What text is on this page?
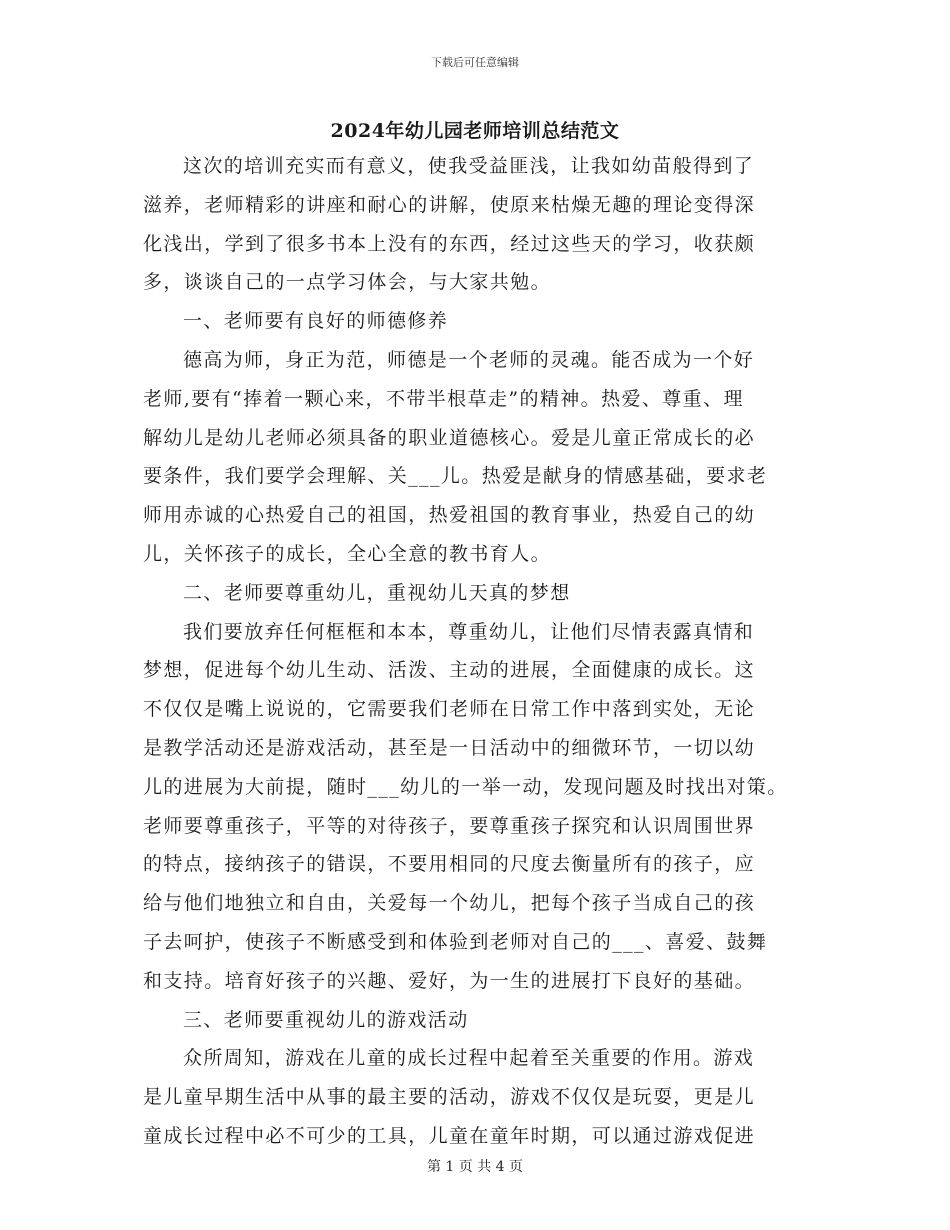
下载后可任意编辑
2024年幼儿园老师培训总结范文
这次的培训充实而有意义，使我受益匪浅，让我如幼苗般得到了
滋养，老师精彩的讲座和耐心的讲解，使原来枯燥无趣的理论变得深
化浅出，学到了很多书本上没有的东西，经过这些天的学习，收获颇
多，谈谈自己的一点学习体会，与大家共勉。
一、老师要有良好的师德修养
德高为师，身正为范，师德是一个老师的灵魂。能否成为一个好
老师,要有“捧着一颗心来，不带半根草走”的精神。热爱、尊重、理
解幼儿是幼儿老师必须具备的职业道德核心。爱是儿童正常成长的必
要条件，我们要学会理解、关___儿。热爱是献身的情感基础，要求老
师用赤诚的心热爱自己的祖国，热爱祖国的教育事业，热爱自己的幼
儿，关怀孩子的成长，全心全意的教书育人。
二、老师要尊重幼儿，重视幼儿天真的梦想
我们要放弃任何框框和本本，尊重幼儿，让他们尽情表露真情和
梦想，促进每个幼儿生动、活泼、主动的进展，全面健康的成长。这
不仅仅是嘴上说说的，它需要我们老师在日常工作中落到实处，无论
是教学活动还是游戏活动，甚至是一日活动中的细微环节，一切以幼
儿的进展为大前提，随时___幼儿的一举一动，发现问题及时找出对策。
老师要尊重孩子，平等的对待孩子，要尊重孩子探究和认识周围世界
的特点，接纳孩子的错误，不要用相同的尺度去衡量所有的孩子，应
给与他们地独立和自由，关爱每一个幼儿，把每个孩子当成自己的孩
子去呵护，使孩子不断感受到和体验到老师对自己的___、喜爱、鼓舞
和支持。培育好孩子的兴趣、爱好，为一生的进展打下良好的基础。
三、老师要重视幼儿的游戏活动
众所周知，游戏在儿童的成长过程中起着至关重要的作用。游戏
是儿童早期生活中从事的最主要的活动，游戏不仅仅是玩耍，更是儿
童成长过程中必不可少的工具，儿童在童年时期，可以通过游戏促进
第 1 页 共 4 页
